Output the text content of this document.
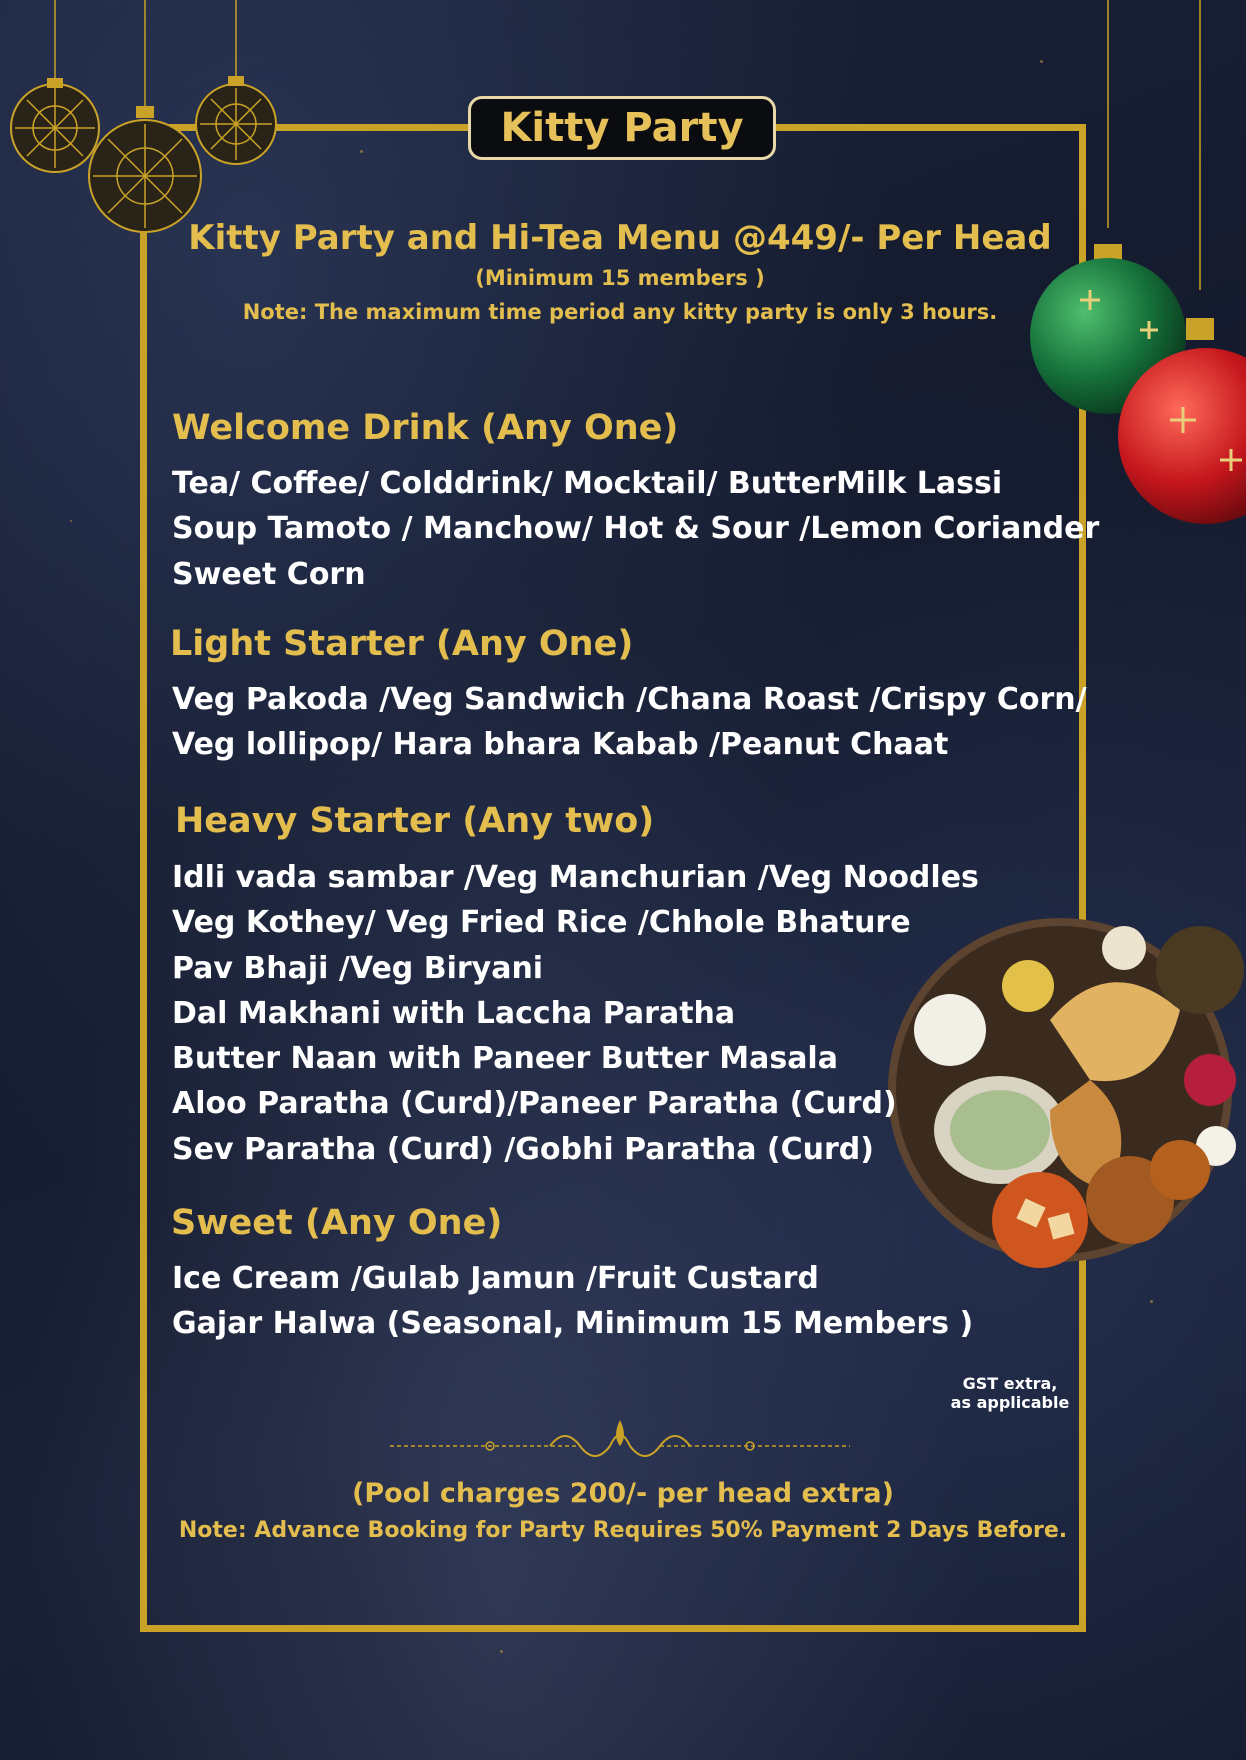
Kitty Party
Kitty Party and Hi-Tea Menu @449/- Per Head
(Minimum 15 members )
Note: The maximum time period any kitty party is only 3 hours.
Welcome Drink (Any One)
Tea/ Coffee/ Colddrink/ Mocktail/ ButterMilk Lassi
Soup Tamoto / Manchow/ Hot & Sour /Lemon Coriander
Sweet Corn
Light Starter (Any One)
Veg Pakoda /Veg Sandwich /Chana Roast /Crispy Corn/
Veg lollipop/ Hara bhara Kabab /Peanut Chaat
Heavy Starter (Any two)
Idli vada sambar /Veg Manchurian /Veg Noodles
Veg Kothey/ Veg Fried Rice /Chhole Bhature
Pav Bhaji /Veg Biryani
Dal Makhani with Laccha Paratha
Butter Naan with Paneer Butter Masala
Aloo Paratha (Curd)/Paneer Paratha (Curd)
Sev Paratha (Curd) /Gobhi Paratha (Curd)
Sweet (Any One)
Ice Cream /Gulab Jamun /Fruit Custard
Gajar Halwa (Seasonal, Minimum 15 Members )
GST extra,
as applicable
(Pool charges 200/- per head extra)
Note: Advance Booking for Party Requires 50% Payment 2 Days Before.
